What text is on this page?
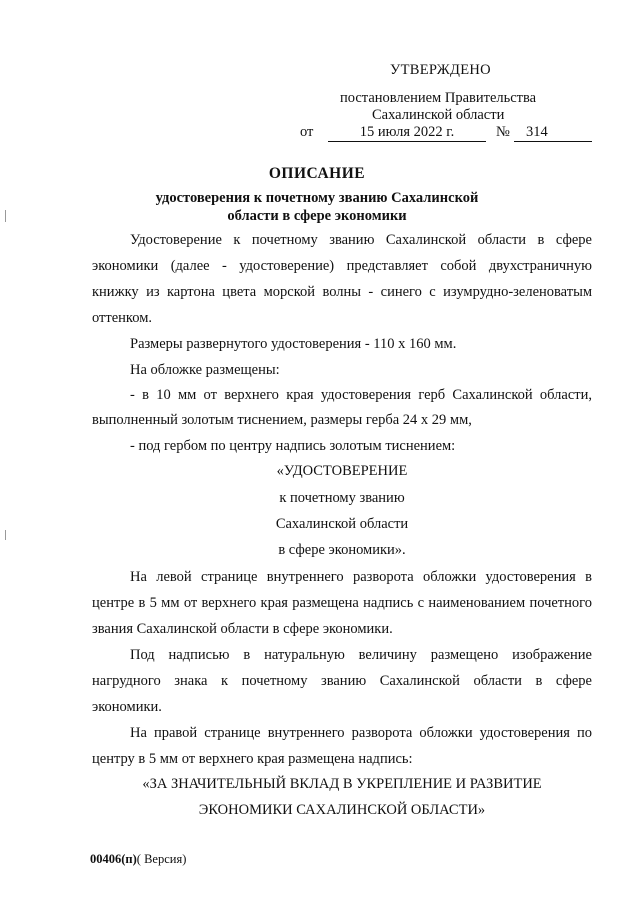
УТВЕРЖДЕНО
постановлением Правительства
Сахалинской области
от	15 июля 2022 г.	№ 314
ОПИСАНИЕ
удостоверения к почетному званию Сахалинской
области в сфере экономики
Удостоверение к почетному званию Сахалинской области в сфере
экономики (далее - удостоверение) представляет собой двухстраничную
книжку из картона цвета морской волны - синего с изумрудно-зеленоватым
оттенком.
Размеры развернутого удостоверения - 110 х 160 мм.
На обложке размещены:
- в 10 мм от верхнего края удостоверения герб Сахалинской области,
выполненный золотым тиснением, размеры герба 24 х 29 мм,
- под гербом по центру надпись золотым тиснением:
«УДОСТОВЕРЕНИЕ
к почетному званию
Сахалинской области
в сфере экономики».
На левой странице внутреннего разворота обложки удостоверения в
центре в 5 мм от верхнего края размещена надпись с наименованием почетного
звания Сахалинской области в сфере экономики.
Под надписью в натуральную величину размещено изображение
нагрудного знака к почетному званию Сахалинской области в сфере
экономики.
На правой странице внутреннего разворота обложки удостоверения по
центру в 5 мм от верхнего края размещена надпись:
«ЗА ЗНАЧИТЕЛЬНЫЙ ВКЛАД В УКРЕПЛЕНИЕ И РАЗВИТИЕ
ЭКОНОМИКИ САХАЛИНСКОЙ ОБЛАСТИ»
00406(п)( Версия)
